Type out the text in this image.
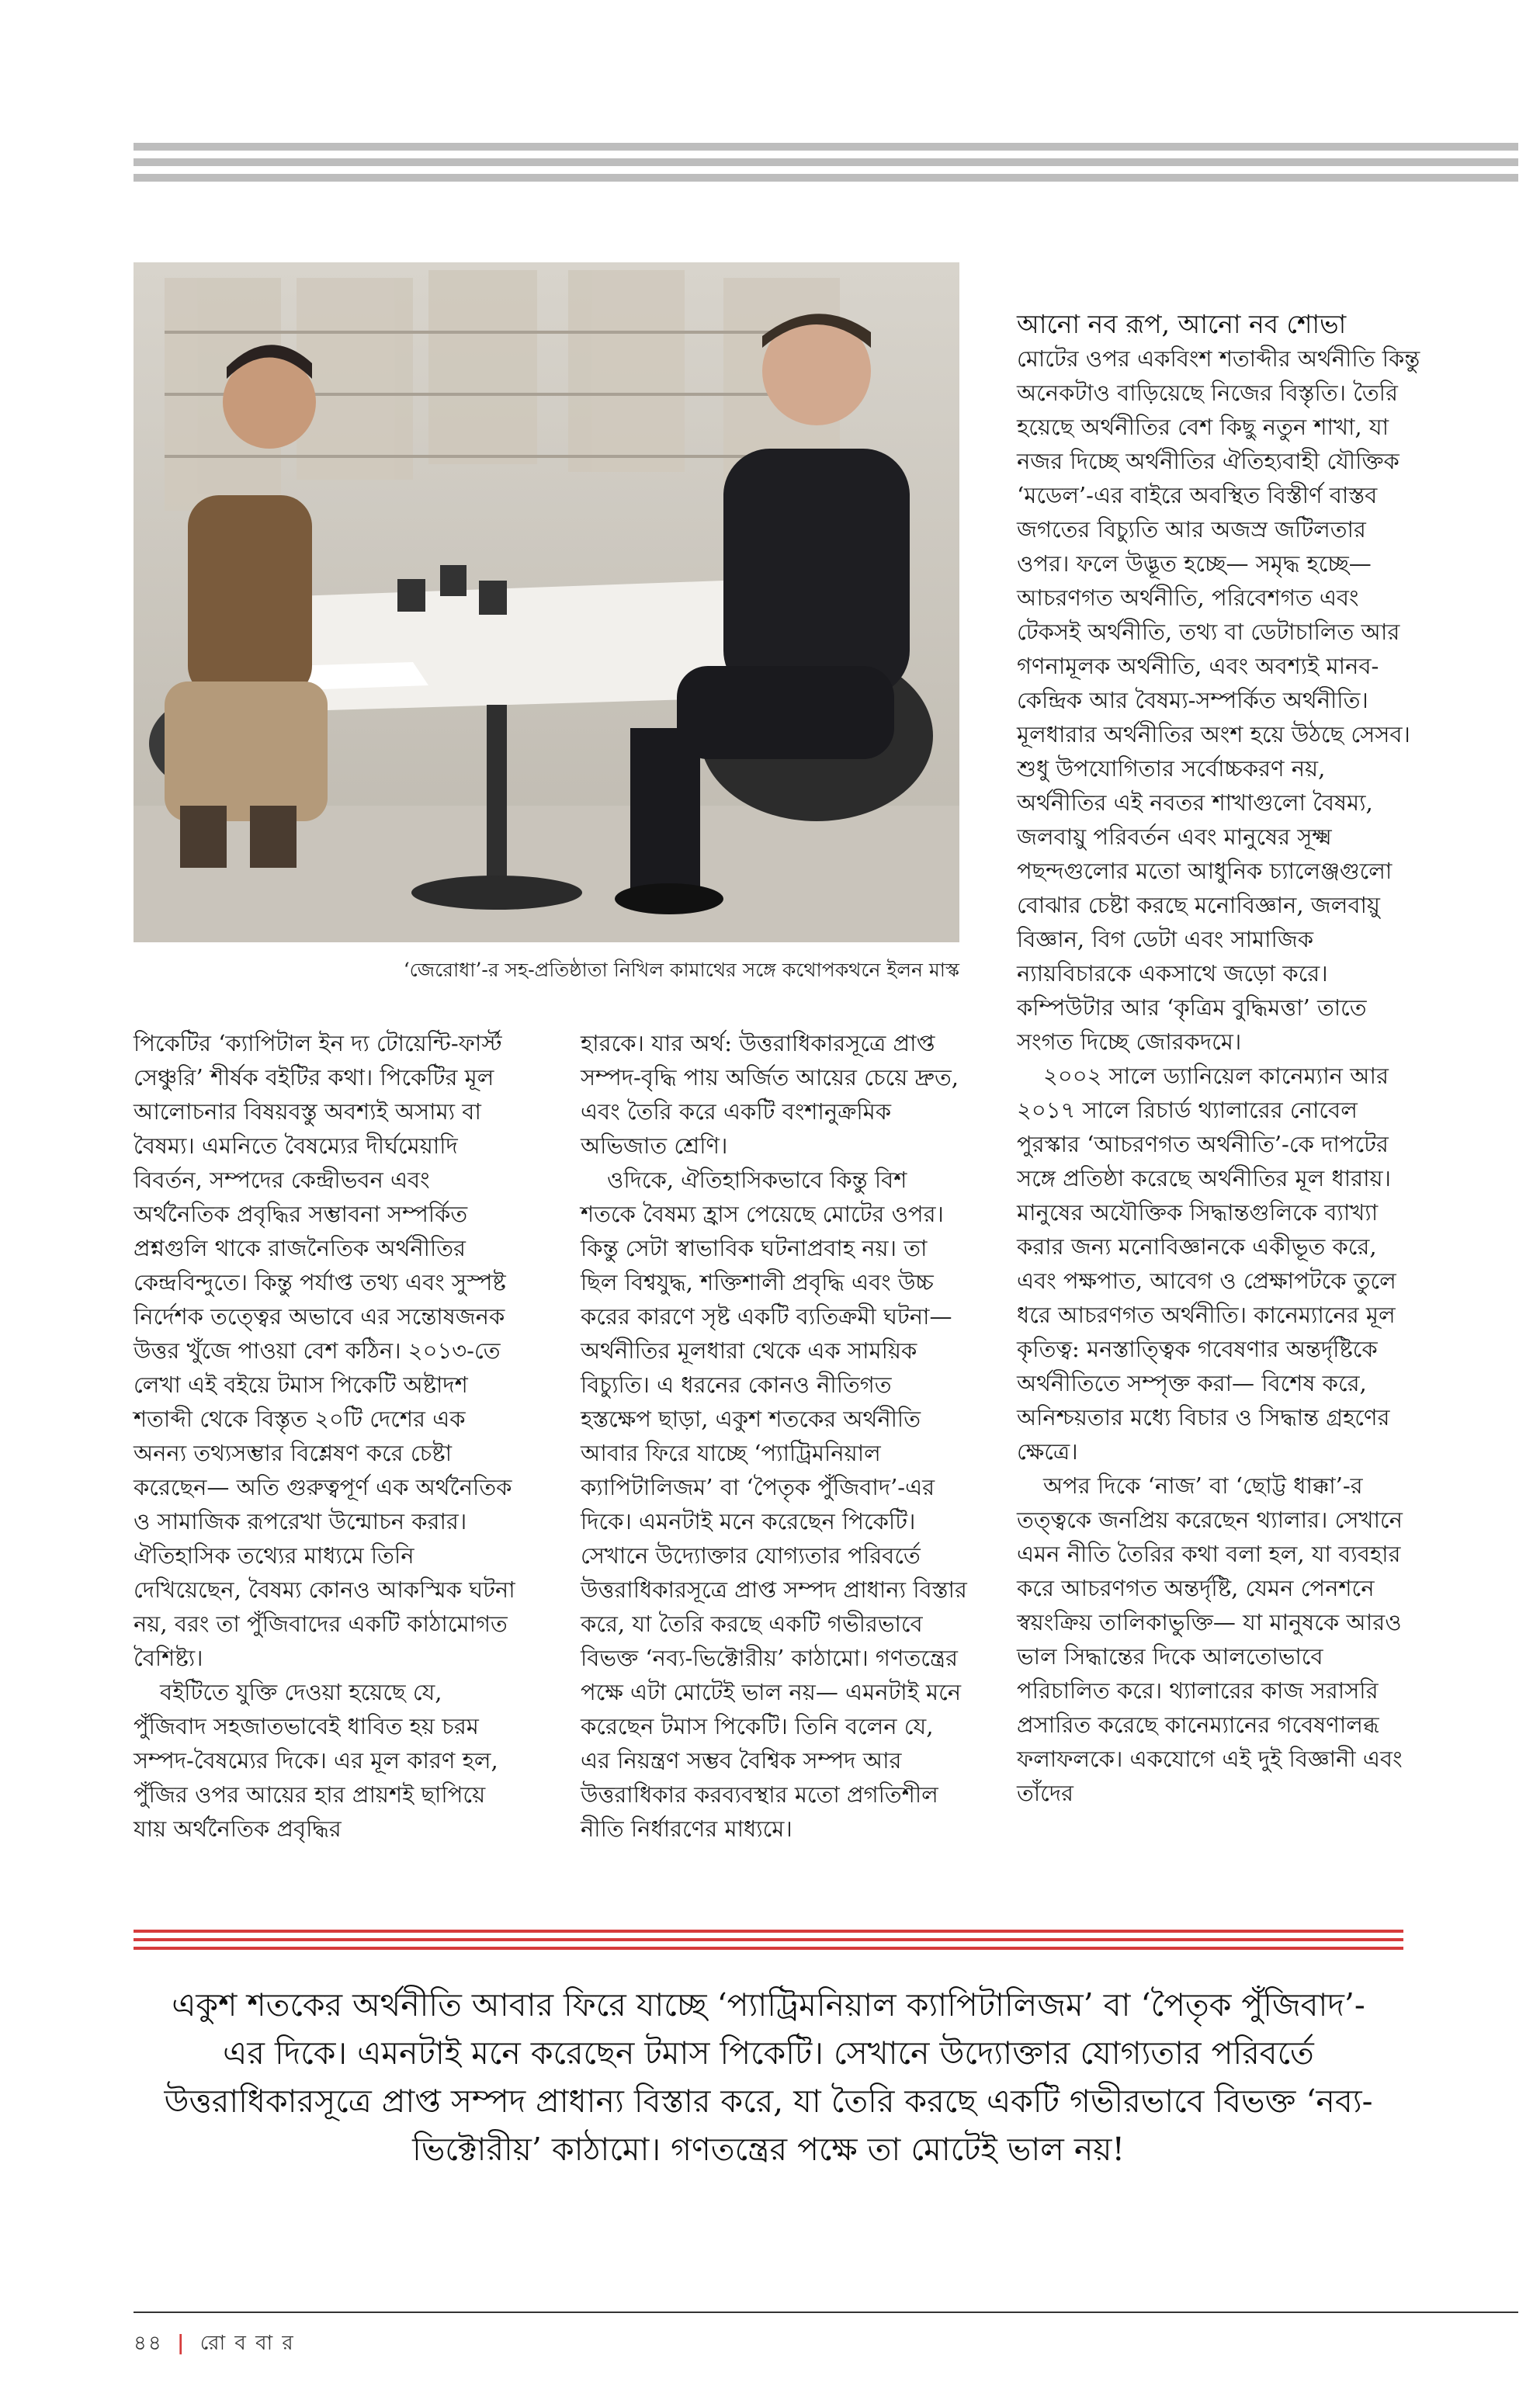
‘জেরোধা’-র সহ-প্রতিষ্ঠাতা নিখিল কামাথের সঙ্গে কথোপকথনে ইলন মাস্ক

পিকেটির ‘ক্যাপিটাল ইন দ্য টোয়েন্টি-ফার্স্ট সেঞ্চুরি’ শীর্ষক বইটির কথা। পিকেটির মূল আলোচনার বিষয়বস্তু অবশ্যই অসাম্য বা বৈষম্য। এমনিতে বৈষম্যের দীর্ঘমেয়াদি বিবর্তন, সম্পদের কেন্দ্রীভবন এবং অর্থনৈতিক প্রবৃদ্ধির সম্ভাবনা সম্পর্কিত প্রশ্নগুলি থাকে রাজনৈতিক অর্থনীতির কেন্দ্রবিন্দুতে। কিন্তু পর্যাপ্ত তথ্য এবং সুস্পষ্ট নির্দেশক তত্ত্বের অভাবে এর সন্তোষজনক উত্তর খুঁজে পাওয়া বেশ কঠিন। ২০১৩-তে লেখা এই বইয়ে টমাস পিকেটি অষ্টাদশ শতাব্দী থেকে বিস্তৃত ২০টি দেশের এক অনন্য তথ্যসম্ভার বিশ্লেষণ করে চেষ্টা করেছেন— অতি গুরুত্বপূর্ণ এক অর্থনৈতিক ও সামাজিক রূপরেখা উন্মোচন করার। ঐতিহাসিক তথ্যের মাধ্যমে তিনি দেখিয়েছেন, বৈষম্য কোনও আকস্মিক ঘটনা নয়, বরং তা পুঁজিবাদের একটি কাঠামোগত বৈশিষ্ট্য।

বইটিতে যুক্তি দেওয়া হয়েছে যে, পুঁজিবাদ সহজাতভাবেই ধাবিত হয় চরম সম্পদ-বৈষম্যের দিকে। এর মূল কারণ হল, পুঁজির ওপর আয়ের হার প্রায়শই ছাপিয়ে যায় অর্থনৈতিক প্রবৃদ্ধির

হারকে। যার অর্থ: উত্তরাধিকারসূত্রে প্রাপ্ত সম্পদ-বৃদ্ধি পায় অর্জিত আয়ের চেয়ে দ্রুত, এবং তৈরি করে একটি বংশানুক্রমিক অভিজাত শ্রেণি।

ওদিকে, ঐতিহাসিকভাবে কিন্তু বিশ শতকে বৈষম্য হ্রাস পেয়েছে মোটের ওপর। কিন্তু সেটা স্বাভাবিক ঘটনাপ্রবাহ নয়। তা ছিল বিশ্বযুদ্ধ, শক্তিশালী প্রবৃদ্ধি এবং উচ্চ করের কারণে সৃষ্ট একটি ব্যতিক্রমী ঘটনা— অর্থনীতির মূলধারা থেকে এক সাময়িক বিচ্যুতি। এ ধরনের কোনও নীতিগত হস্তক্ষেপ ছাড়া, একুশ শতকের অর্থনীতি আবার ফিরে যাচ্ছে ‘প্যাট্রিমনিয়াল ক্যাপিটালিজম’ বা ‘পৈতৃক পুঁজিবাদ’-এর দিকে। এমনটাই মনে করেছেন পিকেটি। সেখানে উদ্যোক্তার যোগ্যতার পরিবর্তে উত্তরাধিকারসূত্রে প্রাপ্ত সম্পদ প্রাধান্য বিস্তার করে, যা তৈরি করছে একটি গভীরভাবে বিভক্ত ‘নব্য-ভিক্টোরীয়’ কাঠামো। গণতন্ত্রের পক্ষে এটা মোটেই ভাল নয়— এমনটাই মনে করেছেন টমাস পিকেটি। তিনি বলেন যে, এর নিয়ন্ত্রণ সম্ভব বৈশ্বিক সম্পদ আর উত্তরাধিকার করব্যবস্থার মতো প্রগতিশীল নীতি নির্ধারণের মাধ্যমে।

আনো নব রূপ, আনো নব শোভা

মোটের ওপর একবিংশ শতাব্দীর অর্থনীতি কিন্তু অনেকটাও বাড়িয়েছে নিজের বিস্তৃতি। তৈরি হয়েছে অর্থনীতির বেশ কিছু নতুন শাখা, যা নজর দিচ্ছে অর্থনীতির ঐতিহ্যবাহী যৌক্তিক ‘মডেল’-এর বাইরে অবস্থিত বিস্তীর্ণ বাস্তব জগতের বিচ্যুতি আর অজস্র জটিলতার ওপর। ফলে উদ্ভূত হচ্ছে— সমৃদ্ধ হচ্ছে— আচরণগত অর্থনীতি, পরিবেশগত এবং টেকসই অর্থনীতি, তথ্য বা ডেটাচালিত আর গণনামূলক অর্থনীতি, এবং অবশ্যই মানব-কেন্দ্রিক আর বৈষম্য-সম্পর্কিত অর্থনীতি। মূলধারার অর্থনীতির অংশ হয়ে উঠছে সেসব। শুধু উপযোগিতার সর্বোচ্চকরণ নয়, অর্থনীতির এই নবতর শাখাগুলো বৈষম্য, জলবায়ু পরিবর্তন এবং মানুষের সূক্ষ্ম পছন্দগুলোর মতো আধুনিক চ্যালেঞ্জগুলো বোঝার চেষ্টা করছে মনোবিজ্ঞান, জলবায়ু বিজ্ঞান, বিগ ডেটা এবং সামাজিক ন্যায়বিচারকে একসাথে জড়ো করে। কম্পিউটার আর ‘কৃত্রিম বুদ্ধিমত্তা’ তাতে সংগত দিচ্ছে জোরকদমে।

২০০২ সালে ড্যানিয়েল কানেম্যান আর ২০১৭ সালে রিচার্ড থ্যালারের নোবেল পুরস্কার ‘আচরণগত অর্থনীতি’-কে দাপটের সঙ্গে প্রতিষ্ঠা করেছে অর্থনীতির মূল ধারায়। মানুষের অযৌক্তিক সিদ্ধান্তগুলিকে ব্যাখ্যা করার জন্য মনোবিজ্ঞানকে একীভূত করে, এবং পক্ষপাত, আবেগ ও প্রেক্ষাপটকে তুলে ধরে আচরণগত অর্থনীতি। কানেম্যানের মূল কৃতিত্ব: মনস্তাত্ত্বিক গবেষণার অন্তর্দৃষ্টিকে অর্থনীতিতে সম্পৃক্ত করা— বিশেষ করে, অনিশ্চয়তার মধ্যে বিচার ও সিদ্ধান্ত গ্রহণের ক্ষেত্রে।

অপর দিকে ‘নাজ’ বা ‘ছোট্ট ধাক্কা’-র তত্ত্বকে জনপ্রিয় করেছেন থ্যালার। সেখানে এমন নীতি তৈরির কথা বলা হল, যা ব্যবহার করে আচরণগত অন্তর্দৃষ্টি, যেমন পেনশনে স্বয়ংক্রিয় তালিকাভুক্তি— যা মানুষকে আরও ভাল সিদ্ধান্তের দিকে আলতোভাবে পরিচালিত করে। থ্যালারের কাজ সরাসরি প্রসারিত করেছে কানেম্যানের গবেষণালব্ধ ফলাফলকে। একযোগে এই দুই বিজ্ঞানী এবং তাঁদের

একুশ শতকের অর্থনীতি আবার ফিরে যাচ্ছে ‘প্যাট্রিমনিয়াল ক্যাপিটালিজম’ বা ‘পৈতৃক পুঁজিবাদ’-এর দিকে। এমনটাই মনে করেছেন টমাস পিকেটি। সেখানে উদ্যোক্তার যোগ্যতার পরিবর্তে উত্তরাধিকারসূত্রে প্রাপ্ত সম্পদ প্রাধান্য বিস্তার করে, যা তৈরি করছে একটি গভীরভাবে বিভক্ত ‘নব্য-ভিক্টোরীয়’ কাঠামো। গণতন্ত্রের পক্ষে তা মোটেই ভাল নয়!
৪৪ | রো ব বা র
